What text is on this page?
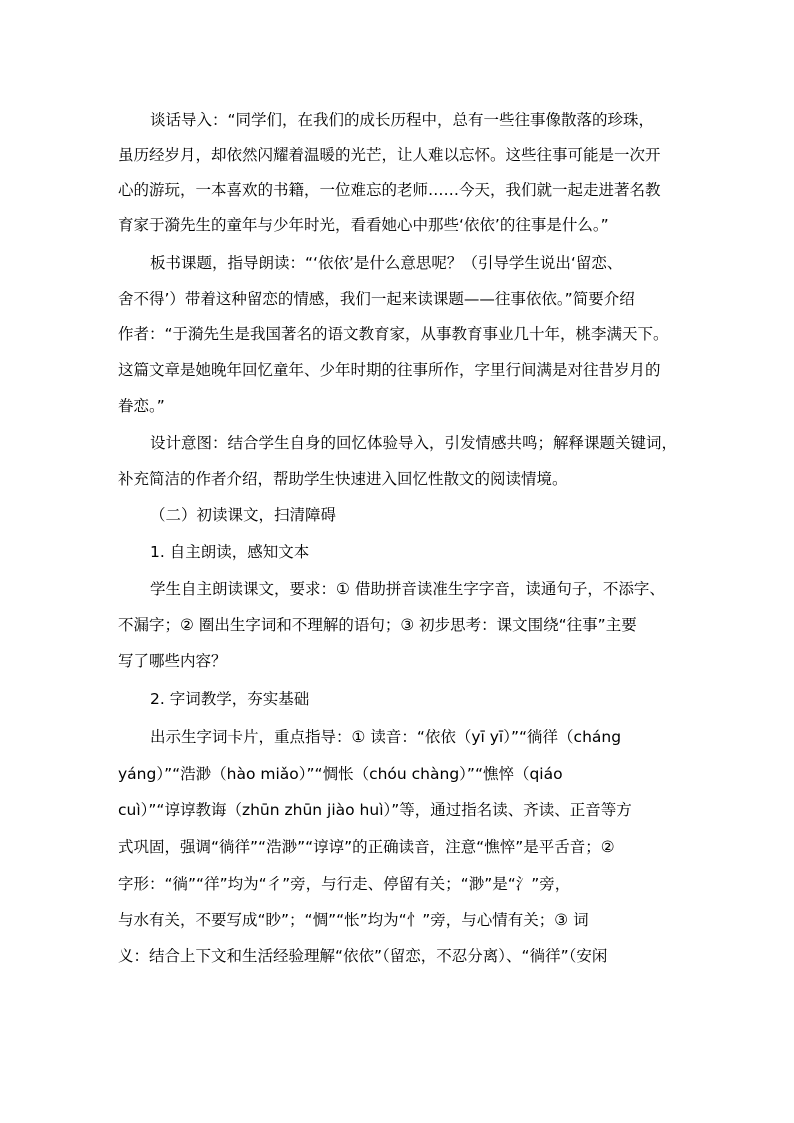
谈话导入：“同学们，在我们的成长历程中，总有一些往事像散落的珍珠，
虽历经岁月，却依然闪耀着温暖的光芒，让人难以忘怀。这些往事可能是一次开
心的游玩，一本喜欢的书籍，一位难忘的老师……今天，我们就一起走进著名教
育家于漪先生的童年与少年时光，看看她心中那些‘依依’的往事是什么。”
板书课题，指导朗读：“‘依依’是什么意思呢？（引导学生说出‘留恋、
舍不得’）带着这种留恋的情感，我们一起来读课题——往事依依。”简要介绍
作者：“于漪先生是我国著名的语文教育家，从事教育事业几十年，桃李满天下。
这篇文章是她晚年回忆童年、少年时期的往事所作，字里行间满是对往昔岁月的
眷恋。”
设计意图：结合学生自身的回忆体验导入，引发情感共鸣；解释课题关键词，
补充简洁的作者介绍，帮助学生快速进入回忆性散文的阅读情境。
（二）初读课文，扫清障碍
1. 自主朗读，感知文本
学生自主朗读课文，要求：① 借助拼音读准生字字音，读通句子，不添字、
不漏字；② 圈出生字词和不理解的语句；③ 初步思考：课文围绕“往事”主要
写了哪些内容？
2. 字词教学，夯实基础
出示生字词卡片，重点指导：① 读音：“依依（yī yī）”“徜徉（cháng
yáng）”“浩渺（hào miǎo）”“惆怅（chóu chàng）”“憔悴（qiáo
cuì）”“谆谆教诲（zhūn zhūn jiào huì）”等，通过指名读、齐读、正音等方
式巩固，强调“徜徉”“浩渺”“谆谆”的正确读音，注意“憔悴”是平舌音；②
字形：“徜”“徉”均为“彳”旁，与行走、停留有关；“渺”是“氵”旁，
与水有关，不要写成“眇”；“惆”“怅”均为“忄”旁，与心情有关；③ 词
义：结合上下文和生活经验理解“依依”（留恋，不忍分离）、“徜徉”（安闲
